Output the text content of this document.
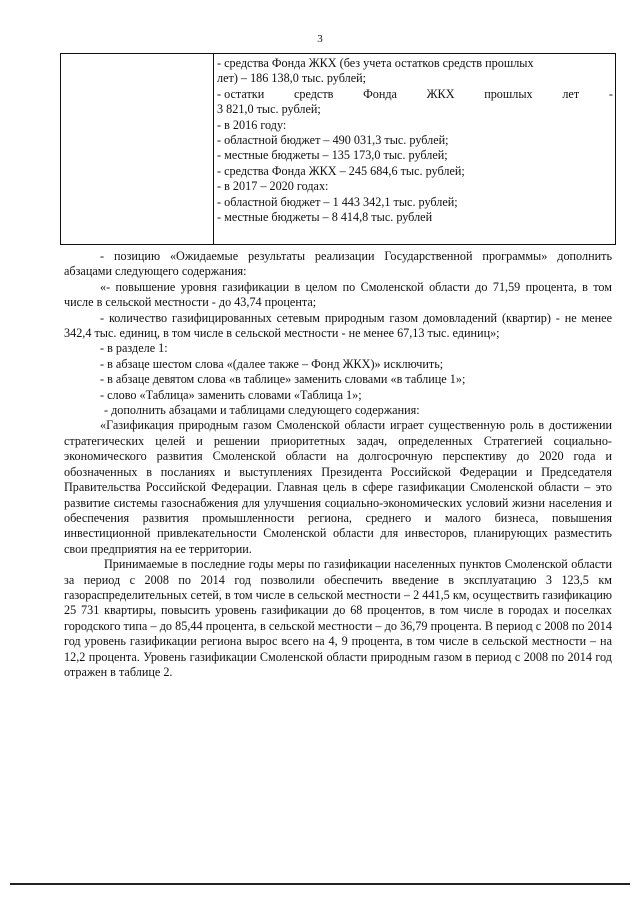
3
- средства Фонда ЖКХ (без учета остатков средств прошлых
лет) – 186 138,0 тыс. рублей;
- остатки средств Фонда ЖКХ прошлых лет -
3 821,0 тыс. рублей;
- в 2016 году:
- областной бюджет – 490 031,3 тыс. рублей;
- местные бюджеты – 135 173,0 тыс. рублей;
- средства Фонда ЖКХ – 245 684,6 тыс. рублей;
- в 2017 – 2020 годах:
- областной бюджет – 1 443 342,1 тыс. рублей;
- местные бюджеты – 8 414,8 тыс. рублей

- позицию «Ожидаемые результаты реализации Государственной программы» дополнить абзацами следующего содержания:

«- повышение уровня газификации в целом по Смоленской области до 71,59 процента, в том числе в сельской местности - до 43,74 процента;

- количество газифицированных сетевым природным газом домовладений (квартир) - не менее 342,4 тыс. единиц, в том числе в сельской местности - не менее 67,13 тыс. единиц»;

- в разделе 1:

- в абзаце шестом слова «(далее также – Фонд ЖКХ)» исключить;

- в абзаце девятом слова «в таблице» заменить словами «в таблице 1»;

- слово «Таблица» заменить словами «Таблица 1»;

- дополнить абзацами и таблицами следующего содержания:

«Газификация природным газом Смоленской области играет существенную роль в достижении стратегических целей и решении приоритетных задач, определенных Стратегией социально-экономического развития Смоленской области на долгосрочную перспективу до 2020 года и обозначенных в посланиях и выступлениях Президента Российской Федерации и Председателя Правительства Российской Федерации. Главная цель в сфере газификации Смоленской области – это развитие системы газоснабжения для улучшения социально-экономических условий жизни населения и обеспечения развития промышленности региона, среднего и малого бизнеса, повышения инвестиционной привлекательности Смоленской области для инвесторов, планирующих разместить свои предприятия на ее территории.

Принимаемые в последние годы меры по газификации населенных пунктов Смоленской области за период с 2008 по 2014 год позволили обеспечить введение в эксплуатацию 3 123,5 км газораспределительных сетей, в том числе в сельской местности – 2 441,5 км, осуществить газификацию 25 731 квартиры, повысить уровень газификации до 68 процентов, в том числе в городах и поселках городского типа – до 85,44 процента, в сельской местности – до 36,79 процента. В период с 2008 по 2014 год уровень газификации региона вырос всего на 4, 9 процента, в том числе в сельской местности – на 12,2 процента. Уровень газификации Смоленской области природным газом в период с 2008 по 2014 год отражен в таблице 2.
